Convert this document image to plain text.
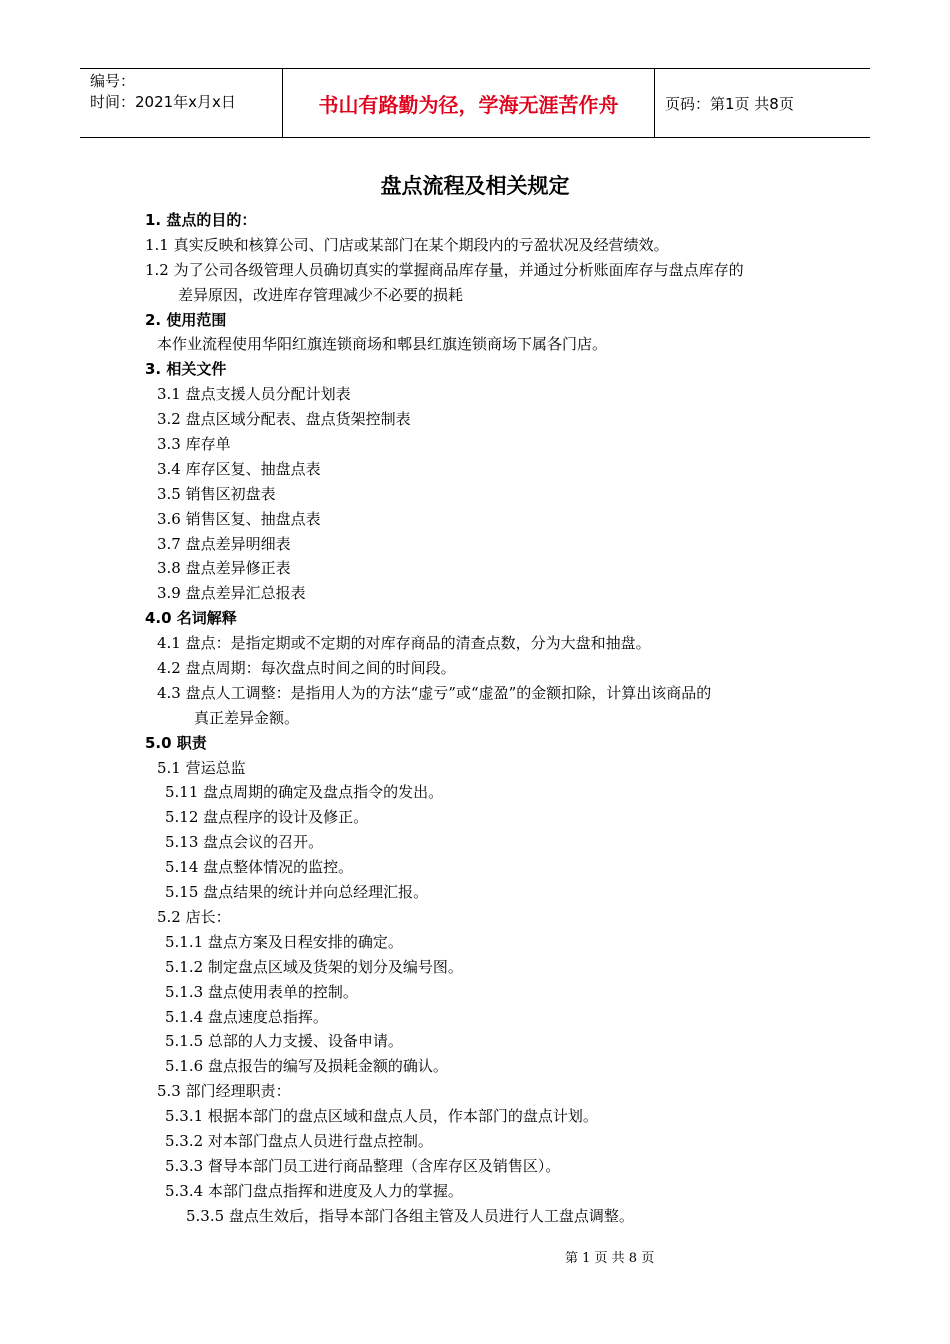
编号：
时间：2021年x月x日	书山有路勤为径，学海无涯苦作舟	页码：第1页 共8页
盘点流程及相关规定
1. 盘点的目的：
1.1 真实反映和核算公司、门店或某部门在某个期段内的亏盈状况及经营绩效。
1.2 为了公司各级管理人员确切真实的掌握商品库存量，并通过分析账面库存与盘点库存的
差异原因，改进库存管理减少不必要的损耗
2. 使用范围
本作业流程使用华阳红旗连锁商场和郫县红旗连锁商场下属各门店。
3. 相关文件
3.1 盘点支援人员分配计划表
3.2 盘点区域分配表、盘点货架控制表
3.3 库存单
3.4 库存区复、抽盘点表
3.5 销售区初盘表
3.6 销售区复、抽盘点表
3.7 盘点差异明细表
3.8 盘点差异修正表
3.9 盘点差异汇总报表
4.0 名词解释
4.1 盘点：是指定期或不定期的对库存商品的清查点数，分为大盘和抽盘。
4.2 盘点周期：每次盘点时间之间的时间段。
4.3 盘点人工调整：是指用人为的方法“虚亏”或“虚盈”的金额扣除，计算出该商品的
真正差异金额。
5.0 职责
5.1 营运总监
5.11 盘点周期的确定及盘点指令的发出。
5.12 盘点程序的设计及修正。
5.13 盘点会议的召开。
5.14 盘点整体情况的监控。
5.15 盘点结果的统计并向总经理汇报。
5.2 店长：
5.1.1 盘点方案及日程安排的确定。
5.1.2 制定盘点区域及货架的划分及编号图。
5.1.3 盘点使用表单的控制。
5.1.4 盘点速度总指挥。
5.1.5 总部的人力支援、设备申请。
5.1.6 盘点报告的编写及损耗金额的确认。
5.3 部门经理职责：
5.3.1 根据本部门的盘点区域和盘点人员，作本部门的盘点计划。
5.3.2 对本部门盘点人员进行盘点控制。
5.3.3 督导本部门员工进行商品整理（含库存区及销售区）。
5.3.4 本部门盘点指挥和进度及人力的掌握。
5.3.5 盘点生效后，指导本部门各组主管及人员进行人工盘点调整。
第 1 页 共 8 页
